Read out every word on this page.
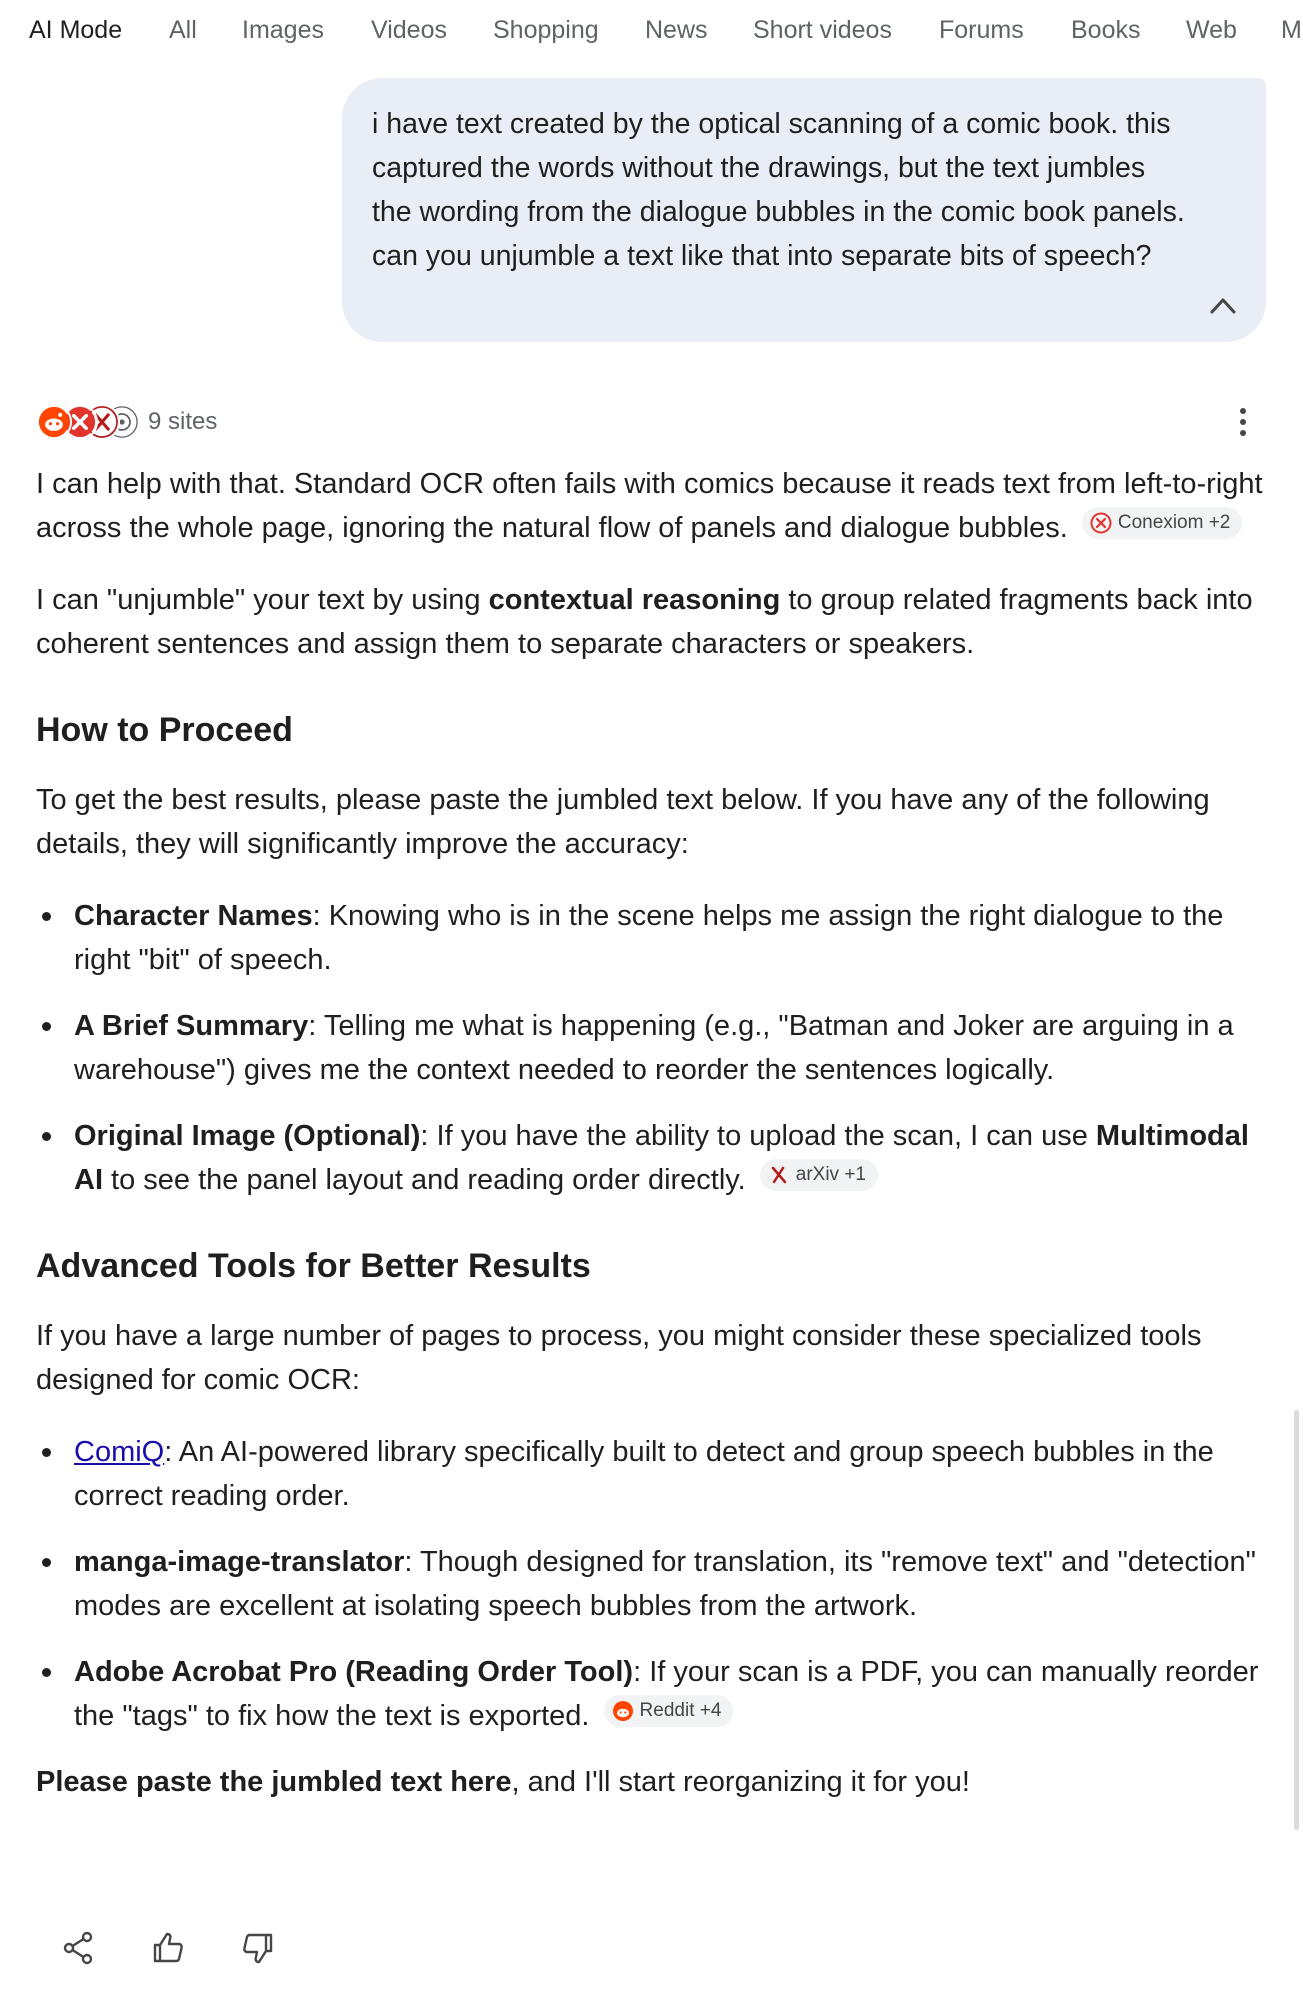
AI Mode All Images Videos Shopping News Short videos Forums Books Web M
i have text created by the optical scanning of a comic book. this captured the words without the drawings, but the text jumbles the wording from the dialogue bubbles in the comic book panels. can you unjumble a text like that into separate bits of speech?
9 sites

I can help with that. Standard OCR often fails with comics because it reads text from left-to-right across the whole page, ignoring the natural flow of panels and dialogue bubbles.	Conexiom +2

I can "unjumble" your text by using contextual reasoning to group related fragments back into coherent sentences and assign them to separate characters or speakers.

How to Proceed

To get the best results, please paste the jumbled text below. If you have any of the following details, they will significantly improve the accuracy:

Character Names: Knowing who is in the scene helps me assign the right dialogue to the right "bit" of speech.
A Brief Summary: Telling me what is happening (e.g., "Batman and Joker are arguing in a warehouse") gives me the context needed to reorder the sentences logically.
Original Image (Optional): If you have the ability to upload the scan, I can use Multimodal AI to see the panel layout and reading order directly.	arXiv +1
Advanced Tools for Better Results

If you have a large number of pages to process, you might consider these specialized tools designed for comic OCR:

ComiQ: An AI-powered library specifically built to detect and group speech bubbles in the correct reading order.
manga-image-translator: Though designed for translation, its "remove text" and "detection" modes are excellent at isolating speech bubbles from the artwork.
Adobe Acrobat Pro (Reading Order Tool): If your scan is a PDF, you can manually reorder the "tags" to fix how the text is exported.	Reddit +4

Please paste the jumbled text here, and I'll start reorganizing it for you!
